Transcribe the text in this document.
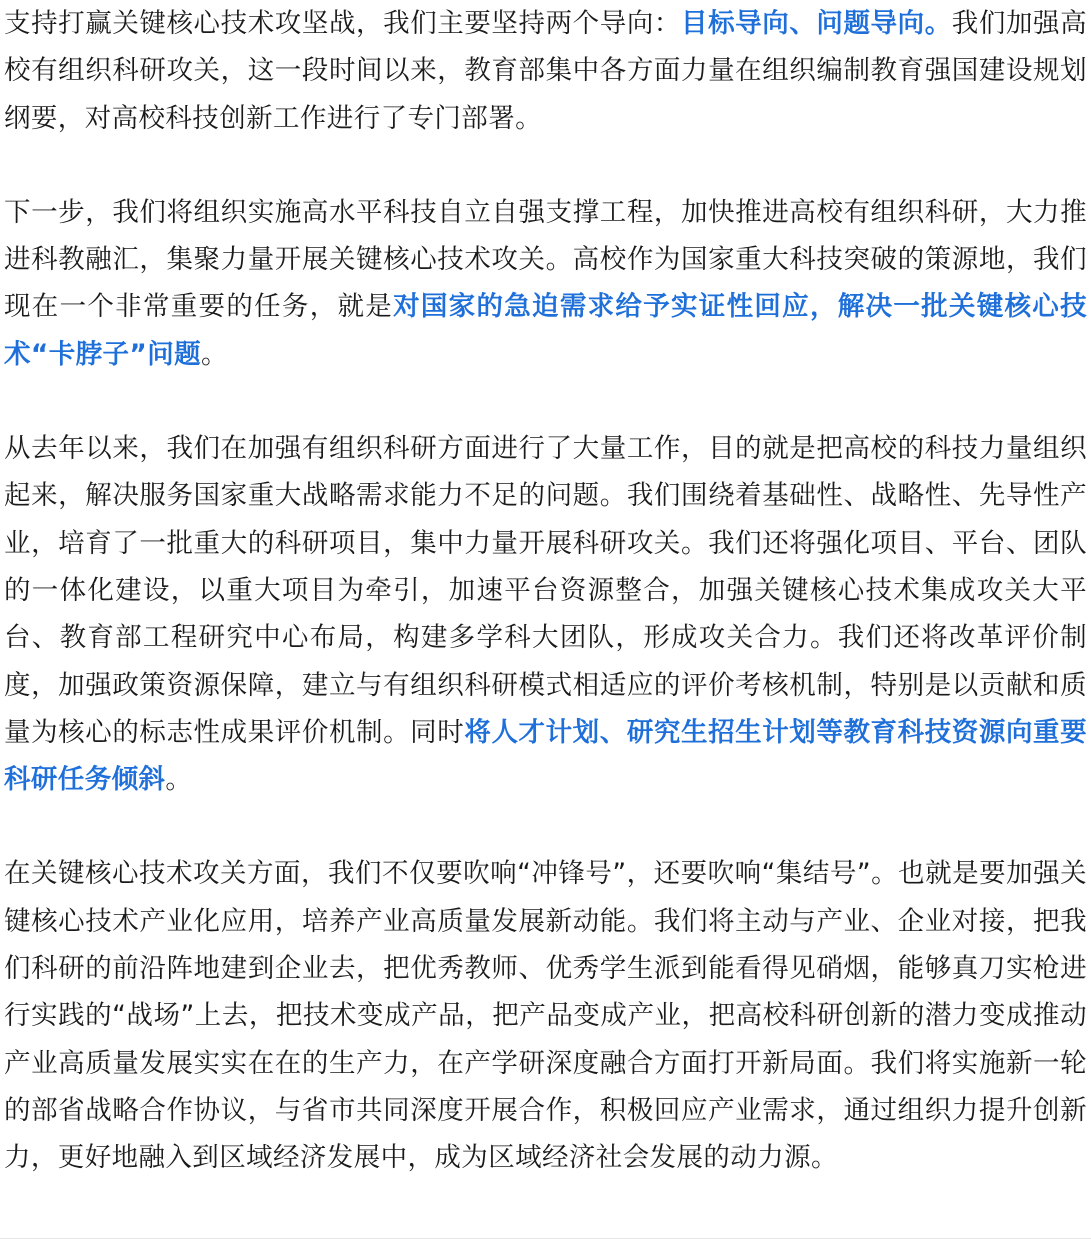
支持打赢关键核心技术攻坚战，我们主要坚持两个导向：目标导向、问题导向。我们加强高校有组织科研攻关，这一段时间以来，教育部集中各方面力量在组织编制教育强国建设规划纲要，对高校科技创新工作进行了专门部署。

下一步，我们将组织实施高水平科技自立自强支撑工程，加快推进高校有组织科研，大力推进科教融汇，集聚力量开展关键核心技术攻关。高校作为国家重大科技突破的策源地，我们现在一个非常重要的任务，就是对国家的急迫需求给予实证性回应，解决一批关键核心技术“卡脖子”问题。

从去年以来，我们在加强有组织科研方面进行了大量工作，目的就是把高校的科技力量组织起来，解决服务国家重大战略需求能力不足的问题。我们围绕着基础性、战略性、先导性产业，培育了一批重大的科研项目，集中力量开展科研攻关。我们还将强化项目、平台、团队的一体化建设，以重大项目为牵引，加速平台资源整合，加强关键核心技术集成攻关大平台、教育部工程研究中心布局，构建多学科大团队，形成攻关合力。我们还将改革评价制度，加强政策资源保障，建立与有组织科研模式相适应的评价考核机制，特别是以贡献和质量为核心的标志性成果评价机制。同时将人才计划、研究生招生计划等教育科技资源向重要科研任务倾斜。

在关键核心技术攻关方面，我们不仅要吹响“冲锋号”，还要吹响“集结号”。也就是要加强关键核心技术产业化应用，培养产业高质量发展新动能。我们将主动与产业、企业对接，把我们科研的前沿阵地建到企业去，把优秀教师、优秀学生派到能看得见硝烟，能够真刀实枪进行实践的“战场”上去，把技术变成产品，把产品变成产业，把高校科研创新的潜力变成推动产业高质量发展实实在在的生产力，在产学研深度融合方面打开新局面。我们将实施新一轮的部省战略合作协议，与省市共同深度开展合作，积极回应产业需求，通过组织力提升创新力，更好地融入到区域经济发展中，成为区域经济社会发展的动力源。
